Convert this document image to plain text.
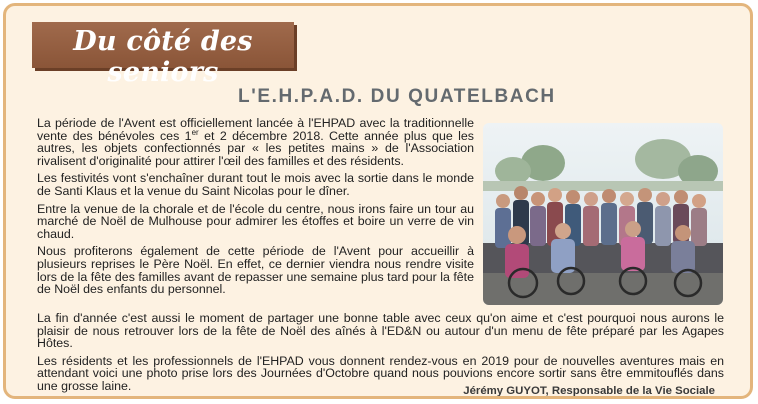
Du côté des seniors
L'E.H.P.A.D. DU QUATELBACH

La période de l'Avent est officiellement lancée à l'EHPAD avec la traditionnelle vente des bénévoles ces 1er et 2 décembre 2018. Cette année plus que les autres, les objets confectionnés par « les petites mains » de l'Association rivalisent d'originalité pour attirer l'œil des familles et des résidents.

Les festivités vont s'enchaîner durant tout le mois avec la sortie dans le monde de Santi Klaus et la venue du Saint Nicolas pour le dîner.

Entre la venue de la chorale et de l'école du centre, nous irons faire un tour au marché de Noël de Mulhouse pour admirer les étoffes et boire un verre de vin chaud.

Nous profiterons également de cette période de l'Avent pour accueillir à plusieurs reprises le Père Noël. En effet, ce dernier viendra nous rendre visite lors de la fête des familles avant de repasser une semaine plus tard pour la fête de Noël des enfants du personnel.

La fin d'année c'est aussi le moment de partager une bonne table avec ceux qu'on aime et c'est pourquoi nous aurons le plaisir de nous retrouver lors de la fête de Noël des aînés à l'ED&N ou autour d'un menu de fête préparé par les Agapes Hôtes.

Les résidents et les professionnels de l'EHPAD vous donnent rendez-vous en 2019 pour de nouvelles aventures mais en attendant voici une photo prise lors des Journées d'Octobre quand nous pouvions encore sortir sans être emmitouflés dans une grosse laine.	Jérémy GUYOT, Responsable de la Vie Sociale
